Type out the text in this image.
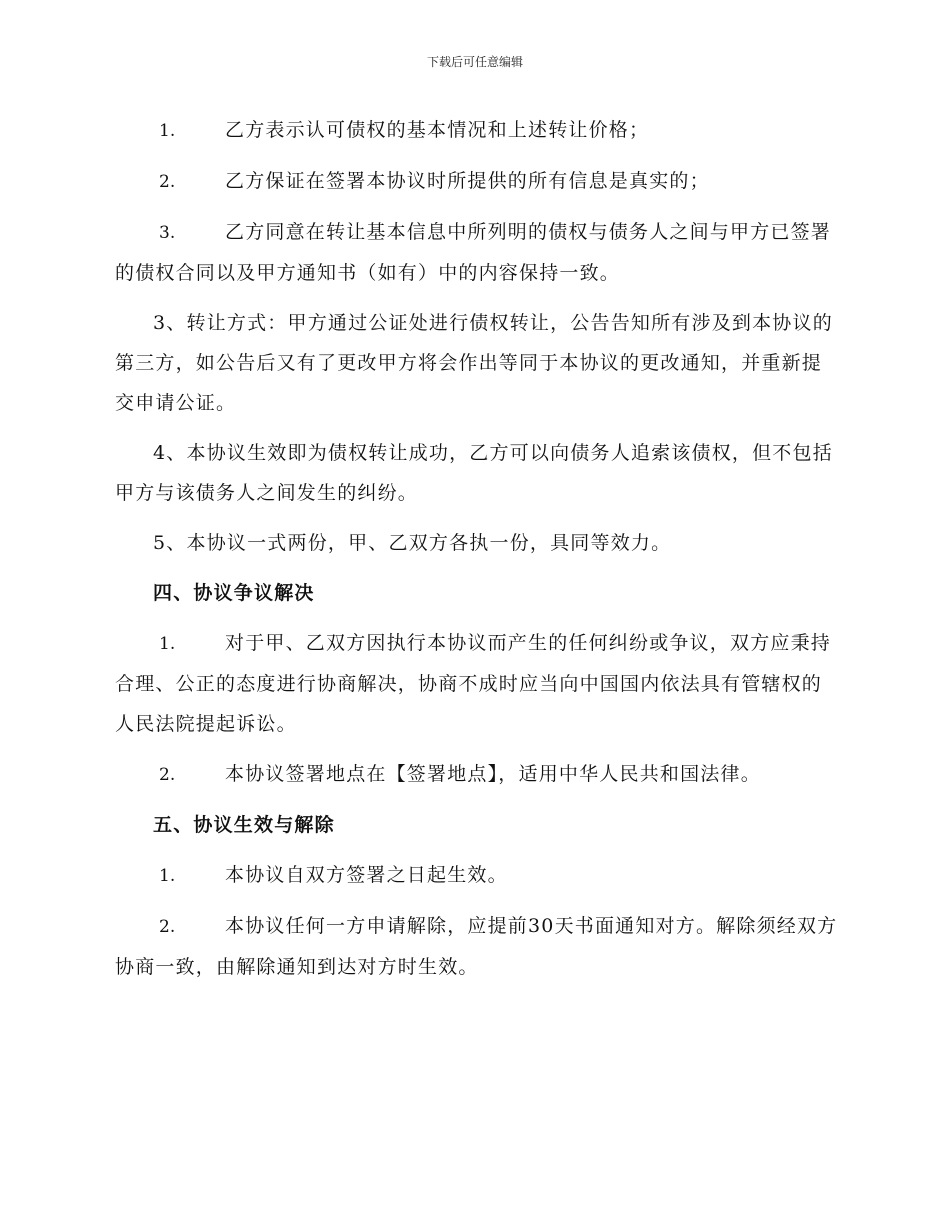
下载后可任意编辑

1.	乙方表示认可债权的基本情况和上述转让价格；

2.	乙方保证在签署本协议时所提供的所有信息是真实的；

3.	乙方同意在转让基本信息中所列明的债权与债务人之间与甲方已签署的债权合同以及甲方通知书（如有）中的内容保持一致。

3、转让方式：甲方通过公证处进行债权转让，公告告知所有涉及到本协议的第三方，如公告后又有了更改甲方将会作出等同于本协议的更改通知，并重新提交申请公证。

4、本协议生效即为债权转让成功，乙方可以向债务人追索该债权，但不包括甲方与该债务人之间发生的纠纷。

5、本协议一式两份，甲、乙双方各执一份，具同等效力。

四、协议争议解决

1.	对于甲、乙双方因执行本协议而产生的任何纠纷或争议，双方应秉持合理、公正的态度进行协商解决，协商不成时应当向中国国内依法具有管辖权的人民法院提起诉讼。

2.	本协议签署地点在【签署地点】，适用中华人民共和国法律。

五、协议生效与解除

1.	本协议自双方签署之日起生效。

2.	本协议任何一方申请解除，应提前30天书面通知对方。解除须经双方协商一致，由解除通知到达对方时生效。
